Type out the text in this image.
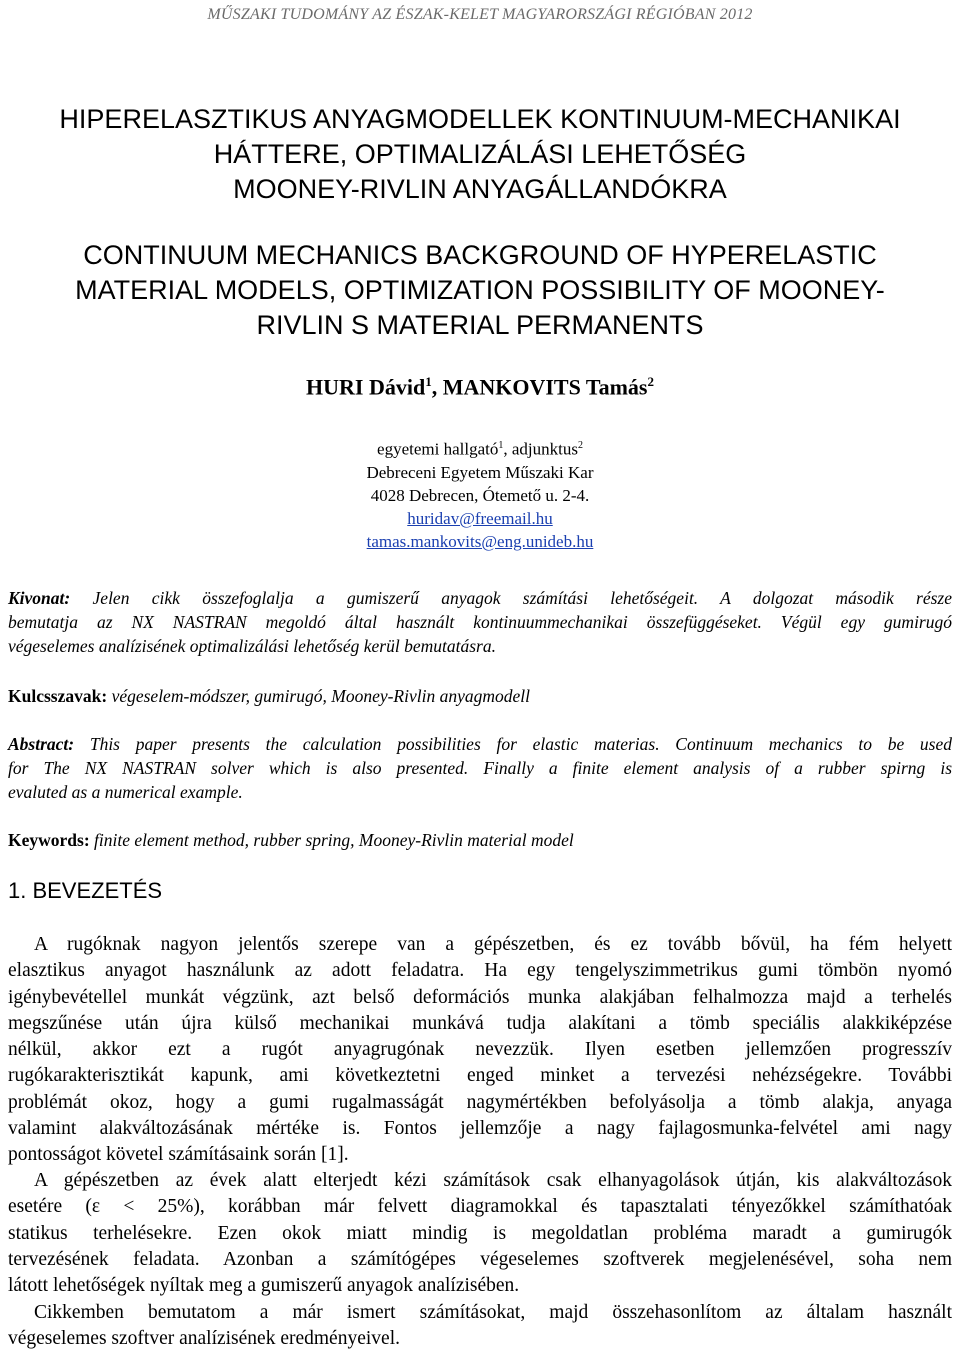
MŰSZAKI TUDOMÁNY AZ ÉSZAK-KELET MAGYARORSZÁGI RÉGIÓBAN 2012
HIPERELASZTIKUS ANYAGMODELLEK KONTINUUM-MECHANIKAI
HÁTTERE, OPTIMALIZÁLÁSI LEHETŐSÉG
MOONEY-RIVLIN ANYAGÁLLANDÓKRA
CONTINUUM MECHANICS BACKGROUND OF HYPERELASTIC
MATERIAL MODELS, OPTIMIZATION POSSIBILITY OF MOONEY-
RIVLIN S MATERIAL PERMANENTS
HURI Dávid$^1$, MANKOVITS Tamás$^2$
egyetemi hallgató$^1$, adjunktus$^2$
Debreceni Egyetem Műszaki Kar
4028 Debrecen, Ótemető u. 2-4.
huridav@freemail.hu
tamas.mankovits@eng.unideb.hu
Kivonat: Jelen cikk összefoglalja a gumiszerű anyagok számítási lehetőségeit. A dolgozat második része
bemutatja az NX NASTRAN megoldó által használt kontinuummechanikai összefüggéseket. Végül egy gumirugó
végeselemes analízisének optimalizálási lehetőség kerül bemutatásra.
Kulcsszavak: végeselem-módszer, gumirugó, Mooney-Rivlin anyagmodell
Abstract: This paper presents the calculation possibilities for elastic materias. Continuum mechanics to be used
for The NX NASTRAN solver which is also presented. Finally a finite element analysis of a rubber spirng is
evaluted as a numerical example.
Keywords: finite element method, rubber spring, Mooney-Rivlin material model
1. BEVEZETÉS
A rugóknak nagyon jelentős szerepe van a gépészetben, és ez tovább bővül, ha fém helyett
elasztikus anyagot használunk az adott feladatra. Ha egy tengelyszimmetrikus gumi tömbön nyomó
igénybevétellel munkát végzünk, azt belső deformációs munka alakjában felhalmozza majd a terhelés
megszűnése után újra külső mechanikai munkává tudja alakítani a tömb speciális alakkiképzése
nélkül, akkor ezt a rugót anyagrugónak nevezzük. Ilyen esetben jellemzően progresszív
rugókarakterisztikát kapunk, ami következtetni enged minket a tervezési nehézségekre. További
problémát okoz, hogy a gumi rugalmasságát nagymértékben befolyásolja a tömb alakja, anyaga
valamint alakváltozásának mértéke is. Fontos jellemzője a nagy fajlagosmunka-felvétel ami nagy
pontosságot követel számításaink során [1].
A gépészetben az évek alatt elterjedt kézi számítások csak elhanyagolások útján, kis alakváltozások
esetére (ε < 25%), korábban már felvett diagramokkal és tapasztalati tényezőkkel számíthatóak
statikus terhelésekre. Ezen okok miatt mindig is megoldatlan probléma maradt a gumirugók
tervezésének feladata. Azonban a számítógépes végeselemes szoftverek megjelenésével, soha nem
látott lehetőségek nyíltak meg a gumiszerű anyagok analízisében.
Cikkemben bemutatom a már ismert számításokat, majd összehasonlítom az általam használt
végeselemes szoftver analízisének eredményeivel.
